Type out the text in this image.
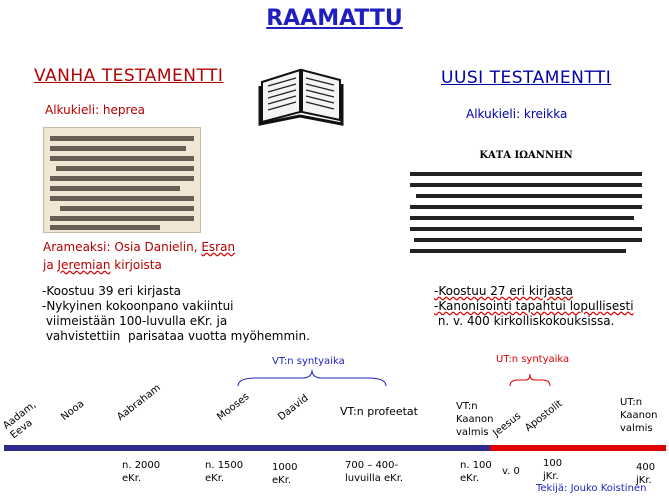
RAAMATTU
VANHA TESTAMENTTI
Alkukieli: heprea
Arameaksi: Osia Danielin, Esran
ja Jeremian kirjoista
-Koostuu 39 eri kirjasta
-Nykyinen kokoonpano vakiintui
viimeistään 100-luvulla eKr. ja
vahvistettiin  parisataa vuotta myöhemmin.
UUSI TESTAMENTTI
Alkukieli: kreikka
ΚΑΤΑ ΙΩΑΝΝΗΝ
-Koostuu 27 eri kirjasta
-Kanonisointi tapahtui lopullisesti
n. v. 400 kirkolliskokouksissa.
VT:n syntyaika	UT:n syntyaika
Aadam, Eeva
Nooa	Aabraham	Mooses Daavid	VT:n profeetat	VT:n Kaanon valmis Jeesus Apostolit	UT:n Kaanon valmis
n. 2000 eKr.
n. 1500 eKr.
1000 eKr.
700 – 400-luvuilla eKr.
n. 100 eKr.
v. 0
100 jKr.
400 jKr.
Tekijä: Jouko Koistinen
